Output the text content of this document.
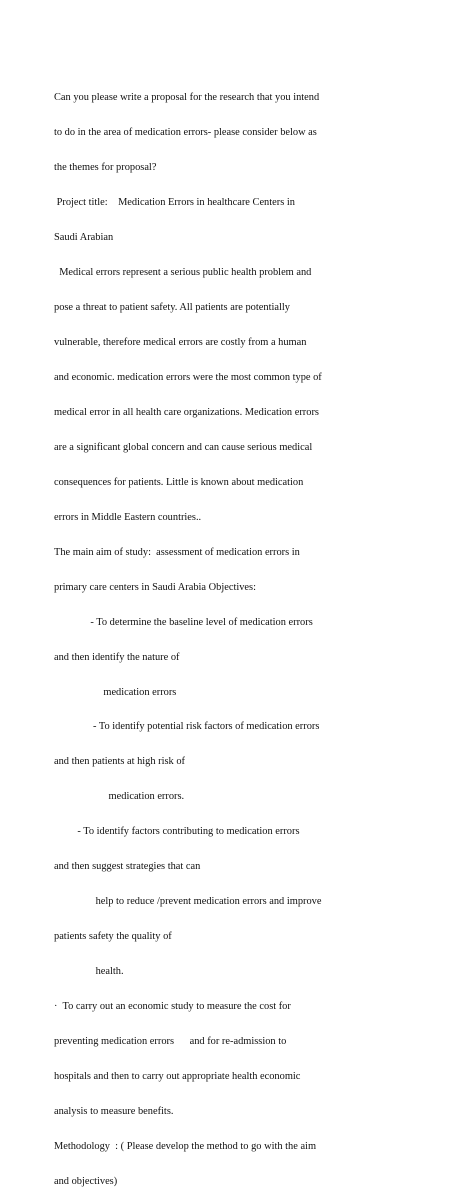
Can you please write a proposal for the research that you intend

to do in the area of medication errors- please consider below as

the themes for proposal?

Project title:    Medication Errors in healthcare Centers in

Saudi Arabian

Medical errors represent a serious public health problem and

pose a threat to patient safety. All patients are potentially

vulnerable, therefore medical errors are costly from a human

and economic. medication errors were the most common type of

medical error in all health care organizations. Medication errors

are a significant global concern and can cause serious medical

consequences for patients. Little is known about medication

errors in Middle Eastern countries..

The main aim of study:  assessment of medication errors in

primary care centers in Saudi Arabia Objectives:

- To determine the baseline level of medication errors

and then identify the nature of

medication errors

- To identify potential risk factors of medication errors

and then patients at high risk of

medication errors.

- To identify factors contributing to medication errors

and then suggest strategies that can

help to reduce /prevent medication errors and improve

patients safety the quality of

health.

·  To carry out an economic study to measure the cost for

preventing medication errors      and for re-admission to

hospitals and then to carry out appropriate health economic

analysis to measure benefits.

Methodology  : ( Please develop the method to go with the aim

and objectives)
